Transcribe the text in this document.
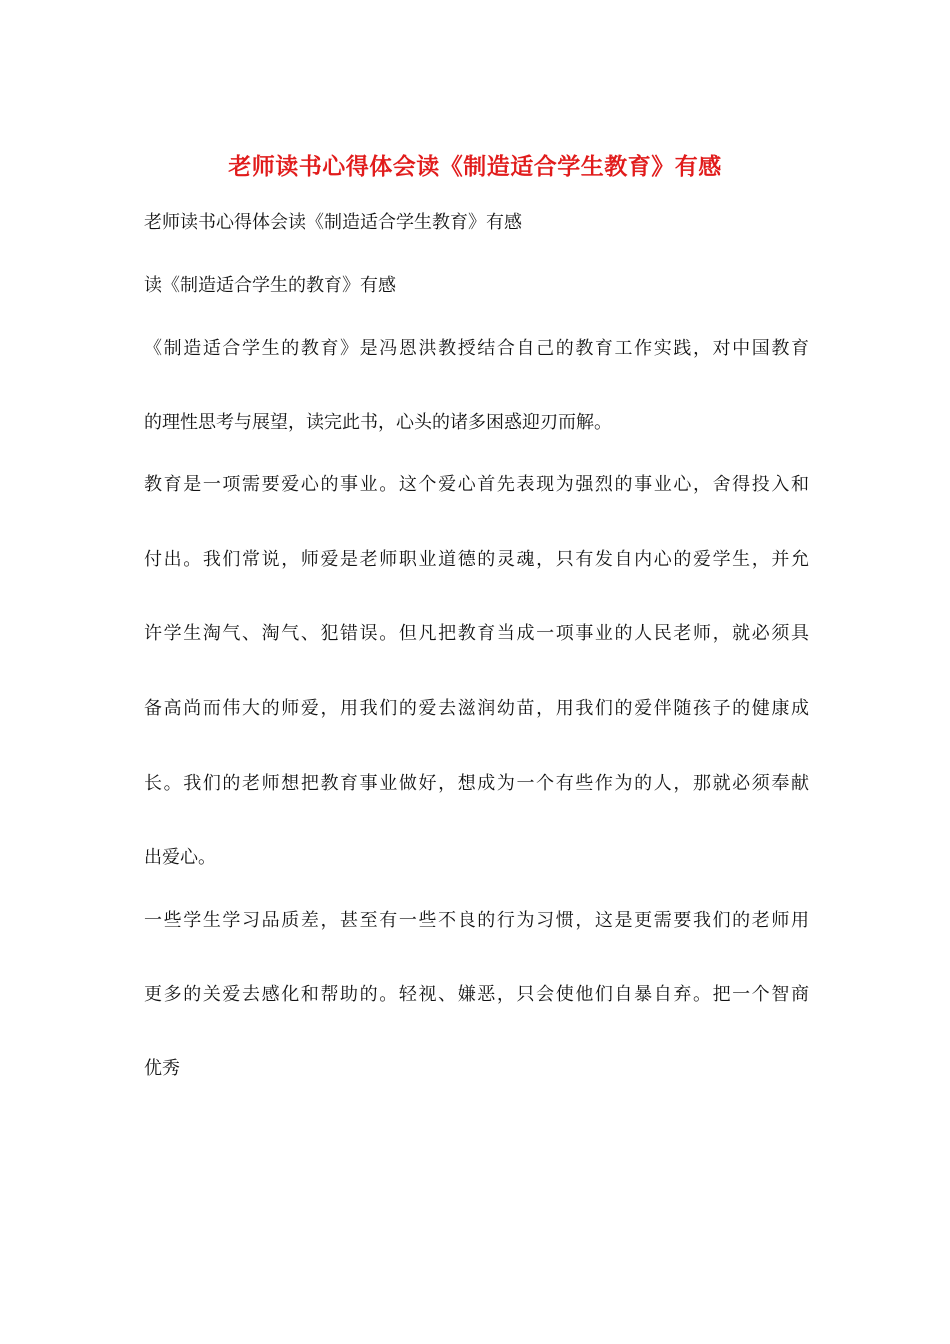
老师读书心得体会读《制造适合学生教育》有感
老师读书心得体会读《制造适合学生教育》有感
读《制造适合学生的教育》有感
《制造适合学生的教育》是冯恩洪教授结合自己的教育工作实践，对中国教育
的理性思考与展望，读完此书，心头的诸多困惑迎刃而解。
教育是一项需要爱心的事业。这个爱心首先表现为强烈的事业心，舍得投入和
付出。我们常说，师爱是老师职业道德的灵魂，只有发自内心的爱学生，并允
许学生淘气、淘气、犯错误。但凡把教育当成一项事业的人民老师，就必须具
备高尚而伟大的师爱，用我们的爱去滋润幼苗，用我们的爱伴随孩子的健康成
长。我们的老师想把教育事业做好，想成为一个有些作为的人，那就必须奉献
出爱心。
一些学生学习品质差，甚至有一些不良的行为习惯，这是更需要我们的老师用
更多的关爱去感化和帮助的。轻视、嫌恶，只会使他们自暴自弃。把一个智商
优秀
